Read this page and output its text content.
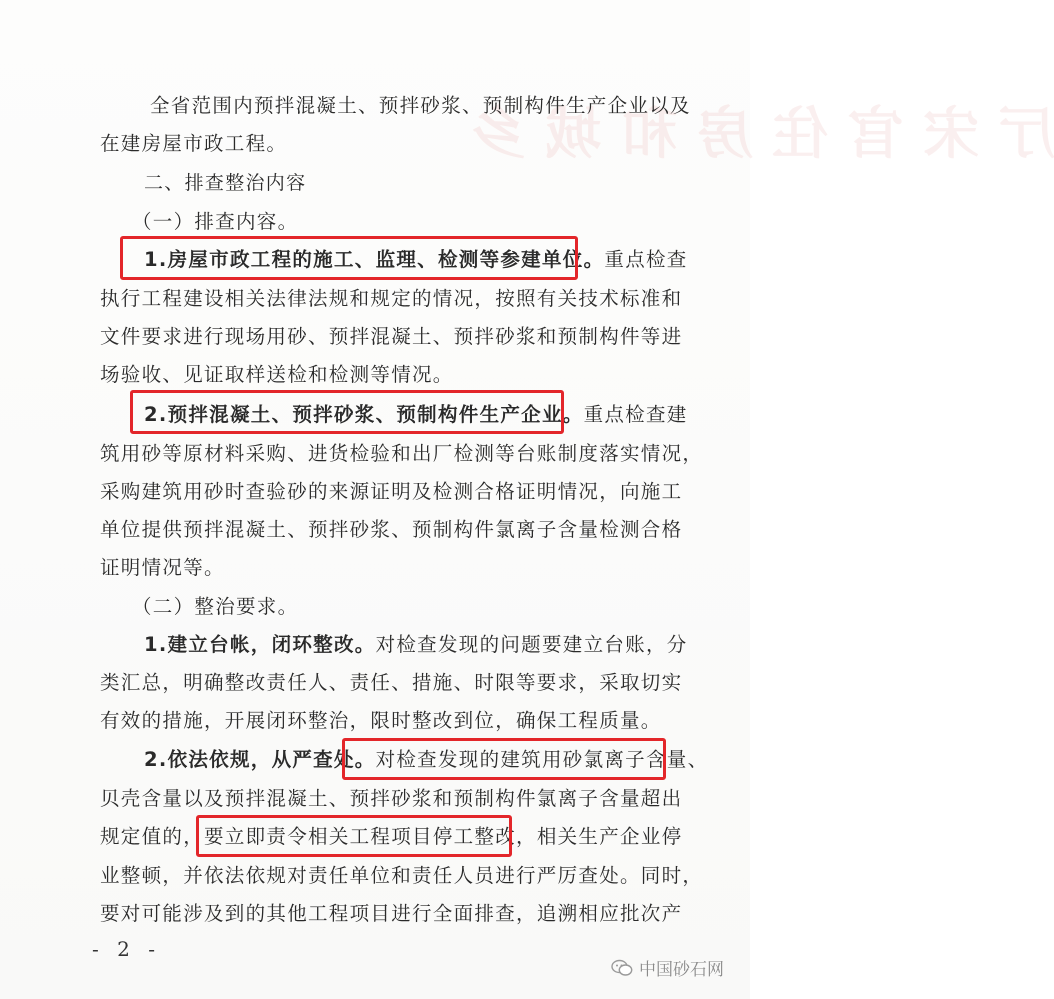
厅 宋 官 住 房 和 城 乡
全省范围内预拌混凝土、预拌砂浆、预制构件生产企业以及
在建房屋市政工程。
二、排查整治内容
（一）排查内容。
1.房屋市政工程的施工、监理、检测等参建单位。重点检查
执行工程建设相关法律法规和规定的情况，按照有关技术标准和
文件要求进行现场用砂、预拌混凝土、预拌砂浆和预制构件等进
场验收、见证取样送检和检测等情况。
2.预拌混凝土、预拌砂浆、预制构件生产企业。重点检查建
筑用砂等原材料采购、进货检验和出厂检测等台账制度落实情况，
采购建筑用砂时查验砂的来源证明及检测合格证明情况，向施工
单位提供预拌混凝土、预拌砂浆、预制构件氯离子含量检测合格
证明情况等。
（二）整治要求。
1.建立台帐，闭环整改。对检查发现的问题要建立台账，分
类汇总，明确整改责任人、责任、措施、时限等要求，采取切实
有效的措施，开展闭环整治，限时整改到位，确保工程质量。
2.依法依规，从严查处。对检查发现的建筑用砂氯离子含量、
贝壳含量以及预拌混凝土、预拌砂浆和预制构件氯离子含量超出
规定值的，要立即责令相关工程项目停工整改，相关生产企业停
业整顿，并依法依规对责任单位和责任人员进行严厉查处。同时，
要对可能涉及到的其他工程项目进行全面排查，追溯相应批次产
- 2 -
中国砂石网
